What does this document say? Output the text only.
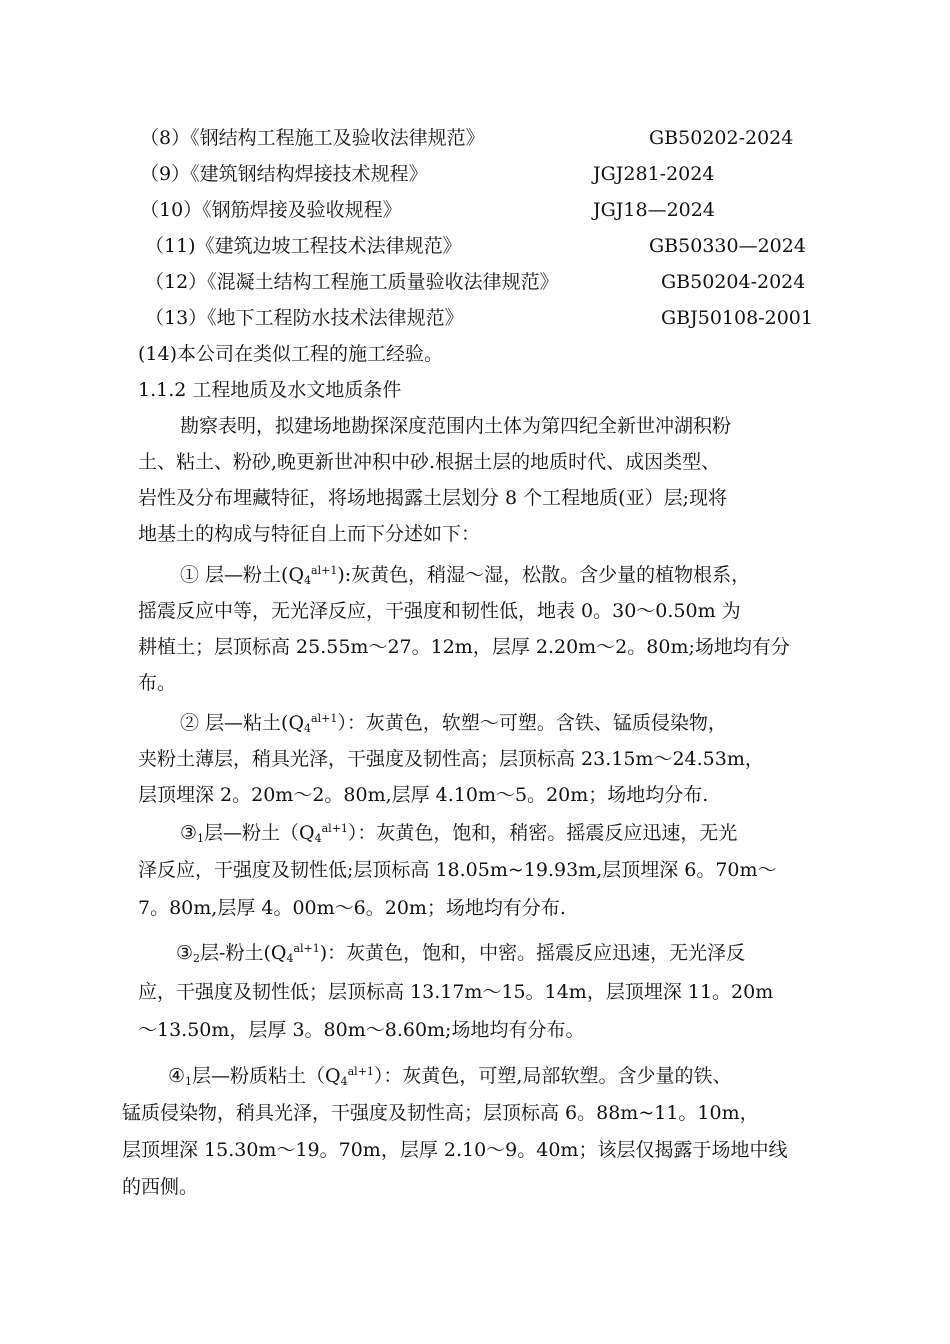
（8）《钢结构工程施工及验收法律规范》	GB50202-2024
（9）《建筑钢结构焊接技术规程》	JGJ281-2024
（10）《钢筋焊接及验收规程》	JGJ18—2024
（11)《建筑边坡工程技术法律规范》	GB50330—2024
（12）《混凝土结构工程施工质量验收法律规范》	GB50204-2024
（13）《地下工程防水技术法律规范》	GBJ50108-2001
(14)本公司在类似工程的施工经验。
1.1.2 工程地质及水文地质条件
勘察表明，拟建场地勘探深度范围内土体为第四纪全新世冲湖积粉
土、粘土、粉砂,晚更新世冲积中砂.根据土层的地质时代、成因类型、
岩性及分布埋藏特征，将场地揭露土层划分 8 个工程地质(亚）层;现将
地基土的构成与特征自上而下分述如下：
① 层—粉土$(Q_4^{al+1})$:灰黄色，稍湿～湿，松散。含少量的植物根系，
摇震反应中等，无光泽反应，干强度和韧性低，地表 0。30～0.50m 为
耕植土；层顶标高 25.55m～27。12m，层厚 2.20m～2。80m;场地均有分
布。
② 层—粘土$(Q_4^{al+1})$：灰黄色，软塑～可塑。含铁、锰质侵染物，
夹粉土薄层，稍具光泽，干强度及韧性高；层顶标高 23.15m～24.53m，
层顶埋深 2。20m～2。80m,层厚 4.10m～5。20m；场地均分布.
$③_1$层—粉土$(Q_4^{al+1})$：灰黄色，饱和，稍密。摇震反应迅速，无光
泽反应，干强度及韧性低;层顶标高 18.05m~19.93m,层顶埋深 6。70m～
7。80m,层厚 4。00m～6。20m；场地均有分布.
$③_2$层-粉土$(Q_4^{al+1})$：灰黄色，饱和，中密。摇震反应迅速，无光泽反
应，干强度及韧性低；层顶标高 13.17m～15。14m，层顶埋深 11。20m
～13.50m，层厚 3。80m～8.60m;场地均有分布。
$④_1$层—粉质粘土$(Q_4^{al+1})$：灰黄色，可塑,局部软塑。含少量的铁、
锰质侵染物，稍具光泽，干强度及韧性高；层顶标高 6。88m~11。10m，
层顶埋深 15.30m～19。70m，层厚 2.10～9。40m；该层仅揭露于场地中线
的西侧。
